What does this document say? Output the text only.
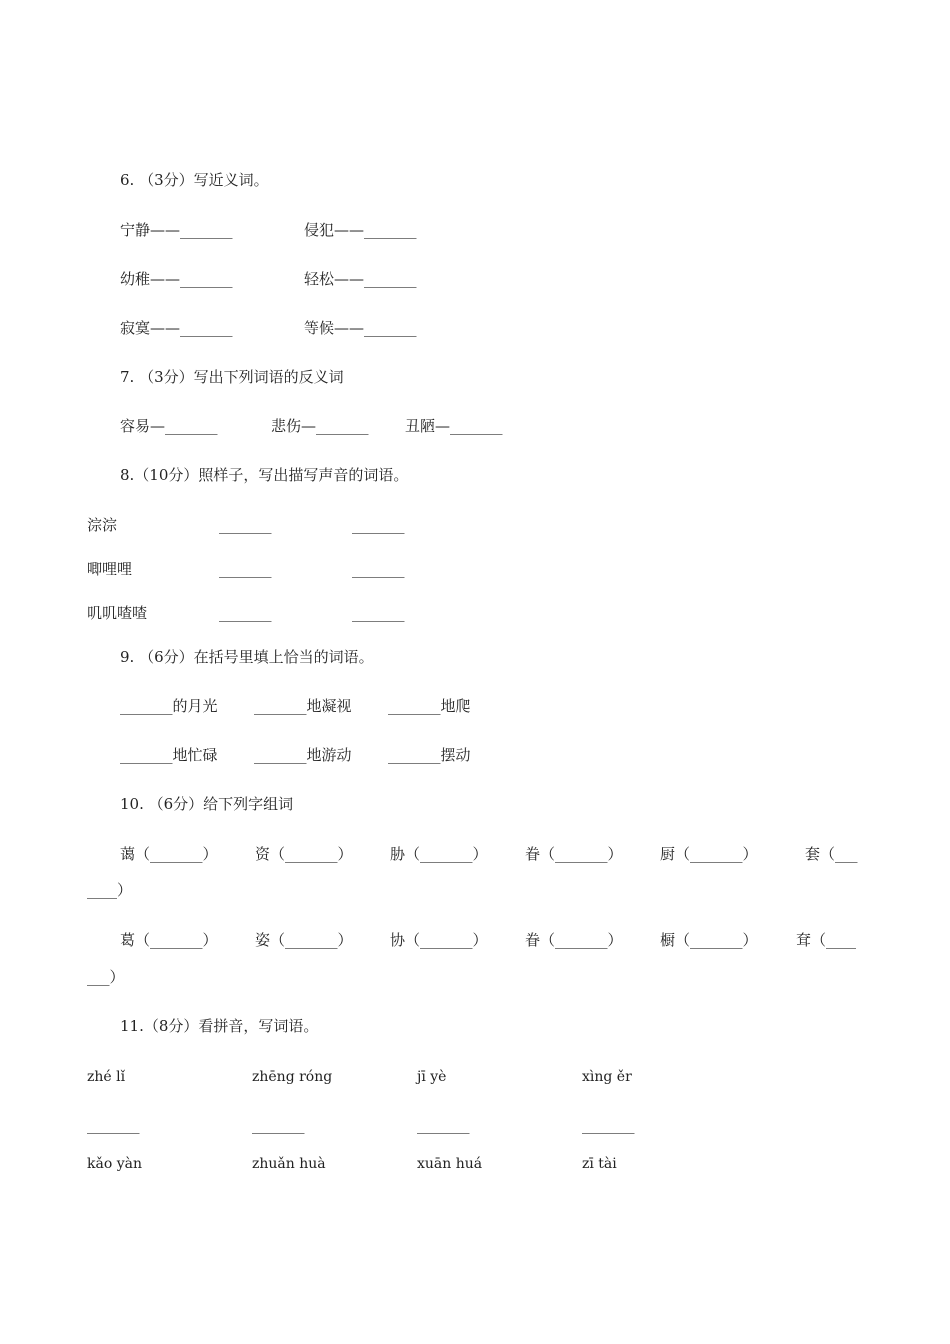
6. （3分）写近义词。
宁静——_______	侵犯——_______
幼稚——_______	轻松——_______
寂寞——_______	等候——_______
7. （3分）写出下列词语的反义词
容易—_______	悲伤—_______ 丑陋—_______
8.（10分）照样子，写出描写声音的词语。
淙淙	_______	_______
唧哩哩	_______	_______
叽叽喳喳	_______	_______
9. （6分）在括号里填上恰当的词语。
_______的月光 _______地凝视 _______地爬
_______地忙碌 _______地游动 _______摆动
10. （6分）给下列字组词
蔼（_______） 资（_______） 胁（_______） 眷（_______） 厨（_______）	套（___
____）
葛（_______） 姿（_______） 协（_______） 眷（_______） 橱（_______）	耷（____
___）
11.（8分）看拼音，写词语。
zhé lǐ	zhēng róng	jī yè	xìng ěr
_______	_______	_______	_______
kǎo yàn	zhuǎn huà	xuān huá	zī tài
